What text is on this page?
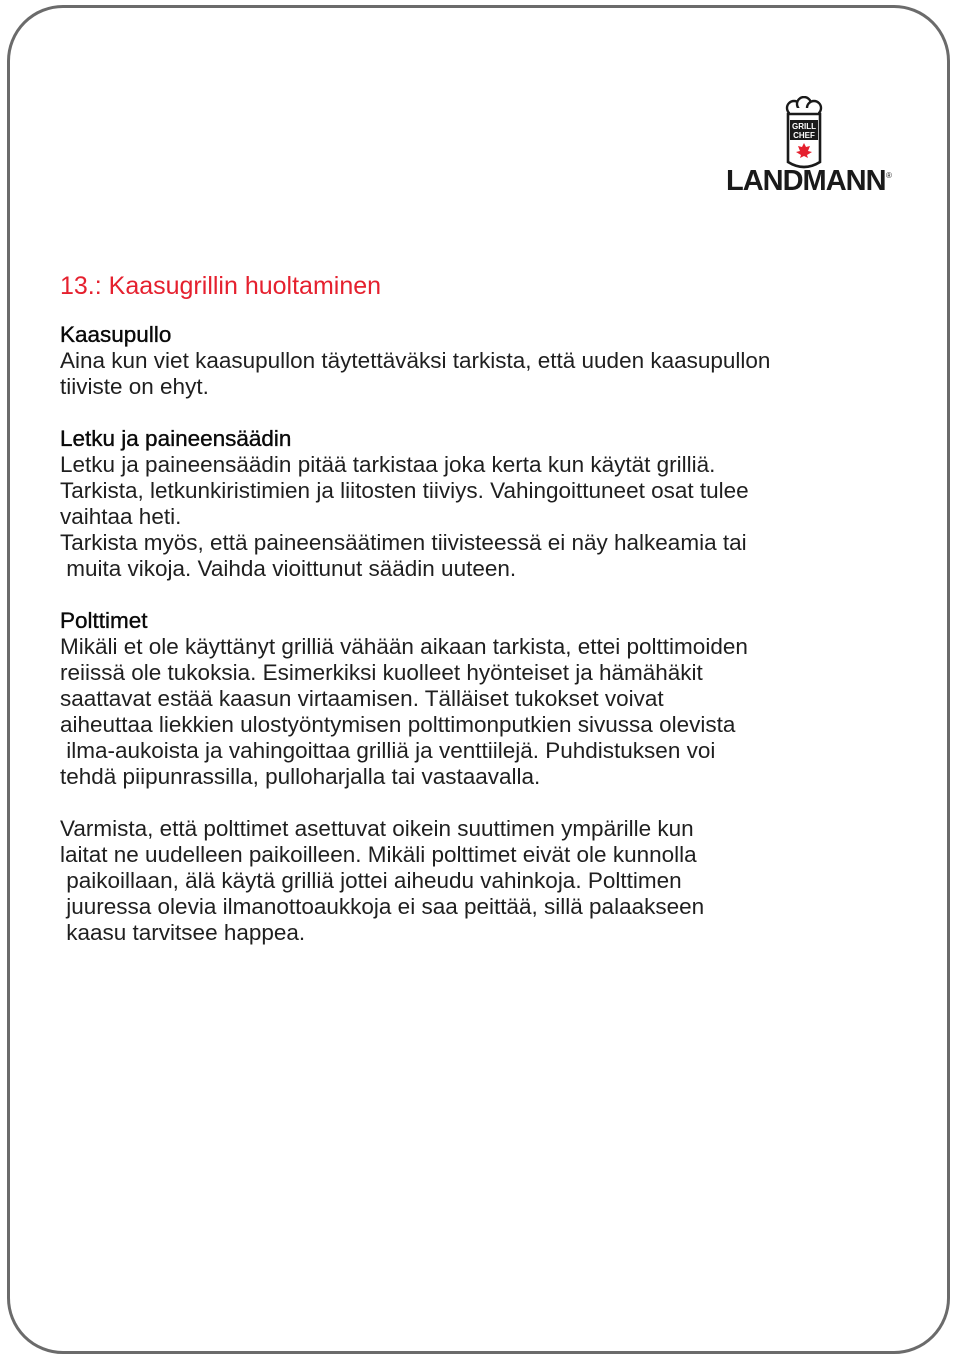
GRILL
CHEF
LANDMANN ®
13.: Kaasugrillin huoltaminen
Kaasupullo
Aina kun viet kaasupullon täytettäväksi tarkista, että uuden kaasupullon
tiiviste on ehyt.
Letku ja paineensäädin
Letku ja paineensäädin pitää tarkistaa joka kerta kun käytät grilliä.
Tarkista, letkunkiristimien ja liitosten tiiviys. Vahingoittuneet osat tulee
vaihtaa heti.
Tarkista myös, että paineensäätimen tiivisteessä ei näy halkeamia tai
muita vikoja. Vaihda vioittunut säädin uuteen.
Polttimet
Mikäli et ole käyttänyt grilliä vähään aikaan tarkista, ettei polttimoiden
reiissä ole tukoksia. Esimerkiksi kuolleet hyönteiset ja hämähäkit
saattavat estää kaasun virtaamisen. Tälläiset tukokset voivat
aiheuttaa liekkien ulostyöntymisen polttimonputkien sivussa olevista
ilma-aukoista ja vahingoittaa grilliä ja venttiilejä. Puhdistuksen voi
tehdä piipunrassilla, pulloharjalla tai vastaavalla.
Varmista, että polttimet asettuvat oikein suuttimen ympärille kun
laitat ne uudelleen paikoilleen. Mikäli polttimet eivät ole kunnolla
paikoillaan, älä käytä grilliä jottei aiheudu vahinkoja. Polttimen
juuressa olevia ilmanottoaukkoja ei saa peittää, sillä palaakseen
kaasu tarvitsee happea.
